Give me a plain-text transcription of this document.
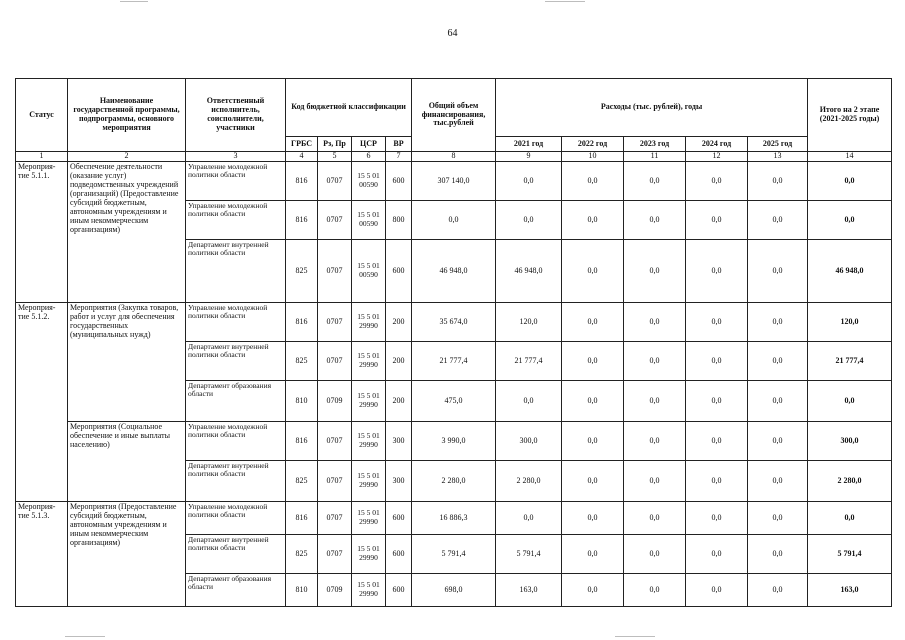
64
Статус	Наименование государственной программы, подпрограммы, основного мероприятия	Ответственный исполнитель, соисполнители, участники	Код бюджетной классификации				Общий объем финансирования, тыс.рублей	Расходы (тыс. рублей), годы					Итого на 2 этапе (2021-2025 годы)
			ГРБС	Рз, Пр	ЦСР	ВР		2021 год	2022 год	2023 год	2024 год	2025 год	
1	2	3	4	5	6	7	8	9	10	11	12	13	14
Мероприя-тие 5.1.1.	Обеспечение деятельности (оказание услуг) подведомственных учреждений (организаций) (Предоставление субсидий бюджетным, автономным учреждениям и иным некоммерческим организациям)	Управление молодежной политики области	816	0707	15 5 01 00590	600	307 140,0	0,0	0,0	0,0	0,0	0,0	0,0
		Управление молодежной политики области	816	0707	15 5 01 00590	800	0,0	0,0	0,0	0,0	0,0	0,0	0,0
		Департамент внутренней политики области	825	0707	15 5 01 00590	600	46 948,0	46 948,0	0,0	0,0	0,0	0,0	46 948,0
Мероприя-тие 5.1.2.	Мероприятия (Закупка товаров, работ и услуг для обеспечения государственных (муниципальных нужд)	Управление молодежной политики области	816	0707	15 5 01 29990	200	35 674,0	120,0	0,0	0,0	0,0	0,0	120,0
		Департамент внутренней политики области	825	0707	15 5 01 29990	200	21 777,4	21 777,4	0,0	0,0	0,0	0,0	21 777,4
		Департамент образования области	810	0709	15 5 01 29990	200	475,0	0,0	0,0	0,0	0,0	0,0	0,0
	Мероприятия (Социальное обеспечение и иные выплаты населению)	Управление молодежной политики области	816	0707	15 5 01 29990	300	3 990,0	300,0	0,0	0,0	0,0	0,0	300,0
		Департамент внутренней политики области	825	0707	15 5 01 29990	300	2 280,0	2 280,0	0,0	0,0	0,0	0,0	2 280,0
Мероприя-тие 5.1.3.	Мероприятия (Предоставление субсидий бюджетным, автономным учреждениям и иным некоммерческим организациям)	Управление молодежной политики области	816	0707	15 5 01 29990	600	16 886,3	0,0	0,0	0,0	0,0	0,0	0,0
		Департамент внутренней политики области	825	0707	15 5 01 29990	600	5 791,4	5 791,4	0,0	0,0	0,0	0,0	5 791,4
		Департамент образования области	810	0709	15 5 01 29990	600	698,0	163,0	0,0	0,0	0,0	0,0	163,0
